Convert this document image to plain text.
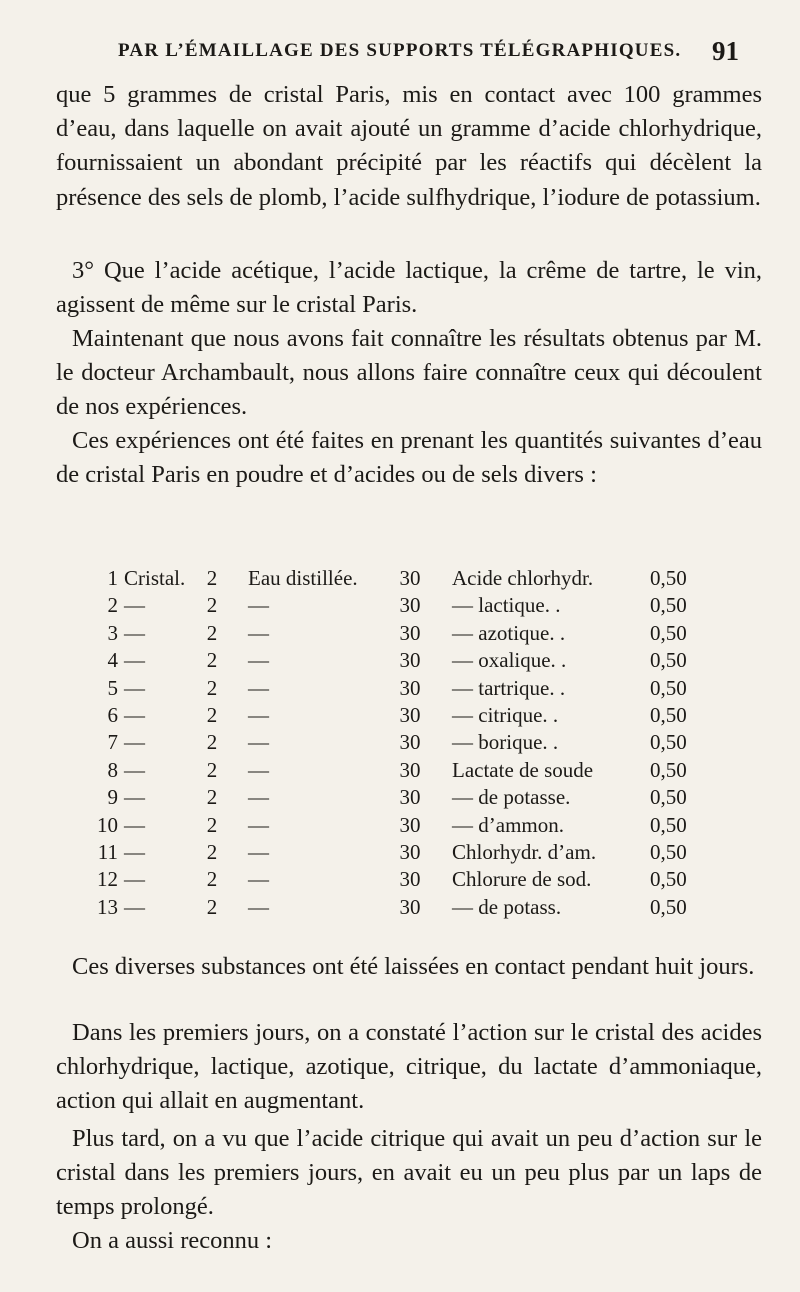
PAR L’ÉMAILLAGE DES SUPPORTS TÉLÉGRAPHIQUES. 91

que 5 grammes de cristal Paris, mis en contact avec 100 grammes d’eau, dans laquelle on avait ajouté un gramme d’acide chlorhydrique, fournissaient un abondant précipité par les réactifs qui décèlent la présence des sels de plomb, l’acide sulfhydrique, l’iodure de potassium.

3° Que l’acide acétique, l’acide lactique, la crême de tartre, le vin, agissent de même sur le cristal Paris.

Maintenant que nous avons fait connaître les résultats obtenus par M. le docteur Archambault, nous allons faire connaître ceux qui découlent de nos expériences.

Ces expériences ont été faites en prenant les quantités suivantes d’eau de cristal Paris en poudre et d’acides ou de sels divers :

1 Cristal. 2 Eau distillée. 30 Acide chlorhydr.	0,50
2 —	2 —	30 — lactique. .	0,50
3 —	2 —	30 — azotique. .	0,50
4 —	2 —	30 — oxalique. .	0,50
5 —	2 —	30 — tartrique. .	0,50
6 —	2 —	30 — citrique. .	0,50
7 —	2 —	30 — borique. .	0,50
8 —	2 —	30 Lactate de soude	0,50
9 —	2 —	30 — de potasse.	0,50
10 —	2 —	30 — d’ammon.	0,50
11 —	2 —	30 Chlorhydr. d’am.	0,50
12 —	2 —	30 Chlorure de sod.	0,50
13 —	2 —	30 — de potass.	0,50

Ces diverses substances ont été laissées en contact pendant huit jours.

Dans les premiers jours, on a constaté l’action sur le cristal des acides chlorhydrique, lactique, azotique, citrique, du lactate d’ammoniaque, action qui allait en augmentant.

Plus tard, on a vu que l’acide citrique qui avait un peu d’action sur le cristal dans les premiers jours, en avait eu un peu plus par un laps de temps prolongé.

On a aussi reconnu :
